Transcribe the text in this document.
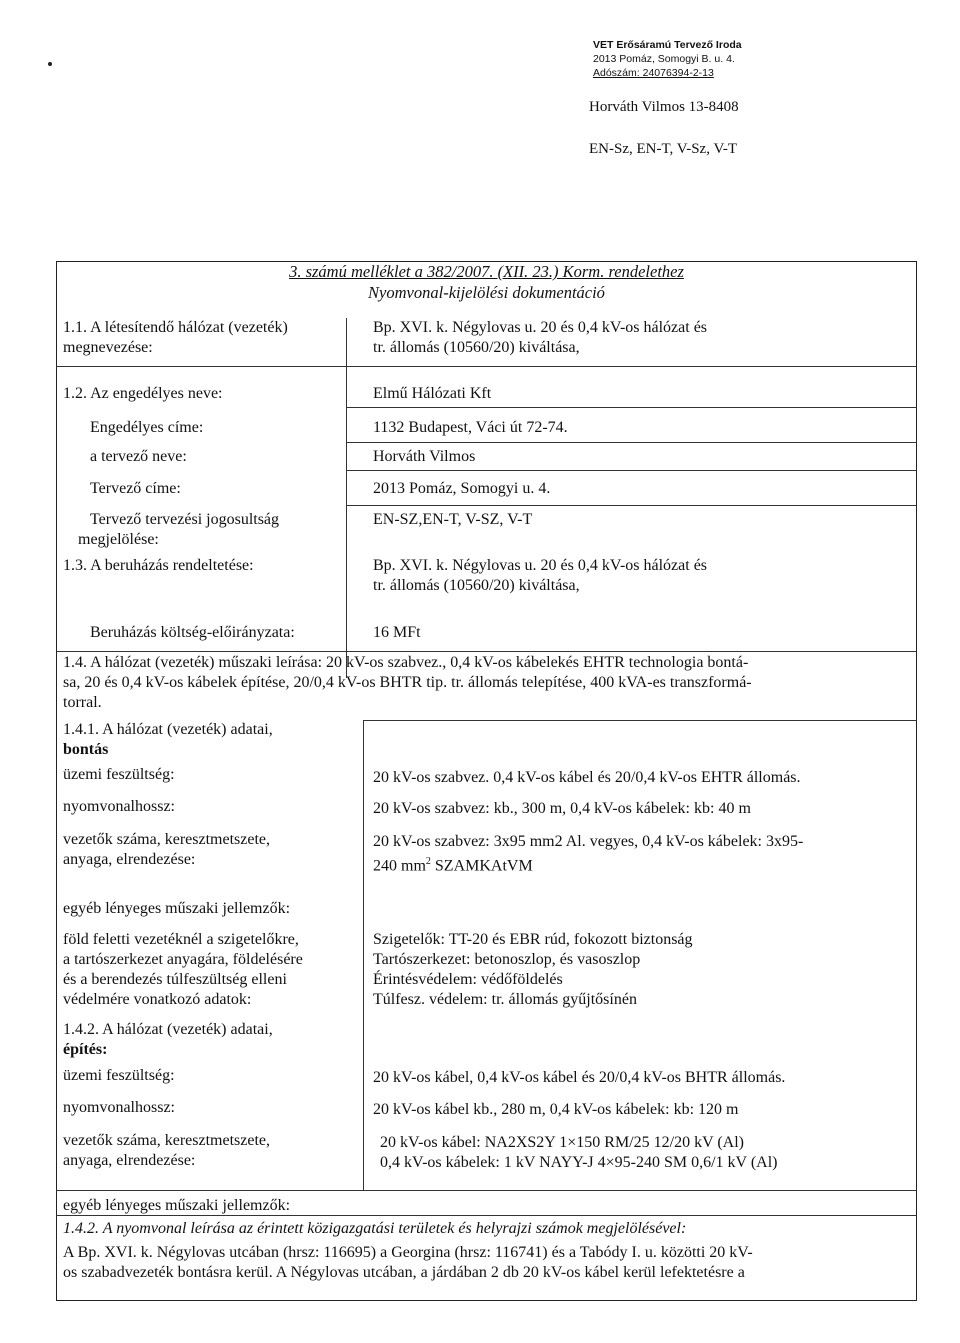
VET Erősáramú Tervező Iroda
2013 Pomáz, Somogyi B. u. 4.
Adószám: 24076394-2-13
Horváth Vilmos 13-8408
EN-Sz, EN-T, V-Sz, V-T
3. számú melléklet a 382/2007. (XII. 23.) Korm. rendelethez
Nyomvonal-kijelölési dokumentáció
1.1. A létesítendő hálózat (vezeték)
megnevezése:
Bp. XVI. k. Négylovas u. 20 és 0,4 kV-os hálózat és
tr. állomás (10560/20) kiváltása,
1.2. Az engedélyes neve:	Elmű Hálózati Kft
Engedélyes címe:	1132 Budapest, Váci út 72-74.
a tervező neve:	Horváth Vilmos
Tervező címe:	2013 Pomáz, Somogyi u. 4.
Tervező tervezési jogosultság
megjelölése:
EN-SZ,EN-T, V-SZ, V-T
1.3. A beruházás rendeltetése:	Bp. XVI. k. Négylovas u. 20 és 0,4 kV-os hálózat és
tr. állomás (10560/20) kiváltása,
Beruházás költség-előirányzata:	16 MFt
1.4. A hálózat (vezeték) műszaki leírása: 20 kV-os szabvez., 0,4 kV-os kábelekés EHTR technologia bontá-
sa, 20 és 0,4 kV-os kábelek építése, 20/0,4 kV-os BHTR tip. tr. állomás telepítése, 400 kVA-es transzformá-
torral.
1.4.1. A hálózat (vezeték) adatai,
bontás
üzemi feszültség:	20 kV-os szabvez. 0,4 kV-os kábel és 20/0,4 kV-os EHTR állomás.
nyomvonalhossz:	20 kV-os szabvez: kb., 300 m, 0,4 kV-os kábelek: kb: 40 m
vezetők száma, keresztmetszete,
anyaga, elrendezése:
20 kV-os szabvez: 3x95 mm2 Al. vegyes, 0,4 kV-os kábelek: 3x95-
240 $mm^2$ SZAMKAtVM
egyéb lényeges műszaki jellemzők:
föld feletti vezetéknél a szigetelőkre,
a tartószerkezet anyagára, földelésére
és a berendezés túlfeszültség elleni
védelmére vonatkozó adatok:
Szigetelők: TT-20 és EBR rúd, fokozott biztonság
Tartószerkezet: betonoszlop, és vasoszlop
Érintésvédelem: védőföldelés
Túlfesz. védelem: tr. állomás gyűjtősínén
1.4.2. A hálózat (vezeték) adatai,
építés:
üzemi feszültség:	20 kV-os kábel, 0,4 kV-os kábel és 20/0,4 kV-os BHTR állomás.
nyomvonalhossz:	20 kV-os kábel kb., 280 m, 0,4 kV-os kábelek: kb: 120 m
vezetők száma, keresztmetszete,
anyaga, elrendezése:
20 kV-os kábel: NA2XS2Y 1×150 RM/25 12/20 kV (Al)
0,4 kV-os kábelek: 1 kV NAYY-J 4×95-240 SM 0,6/1 kV (Al)
egyéb lényeges műszaki jellemzők:
1.4.2. A nyomvonal leírása az érintett közigazgatási területek és helyrajzi számok megjelölésével:
A Bp. XVI. k. Négylovas utcában (hrsz: 116695) a Georgina (hrsz: 116741) és a Tabódy I. u. közötti 20 kV-
os szabadvezeték bontásra kerül. A Négylovas utcában, a járdában 2 db 20 kV-os kábel kerül lefektetésre a
